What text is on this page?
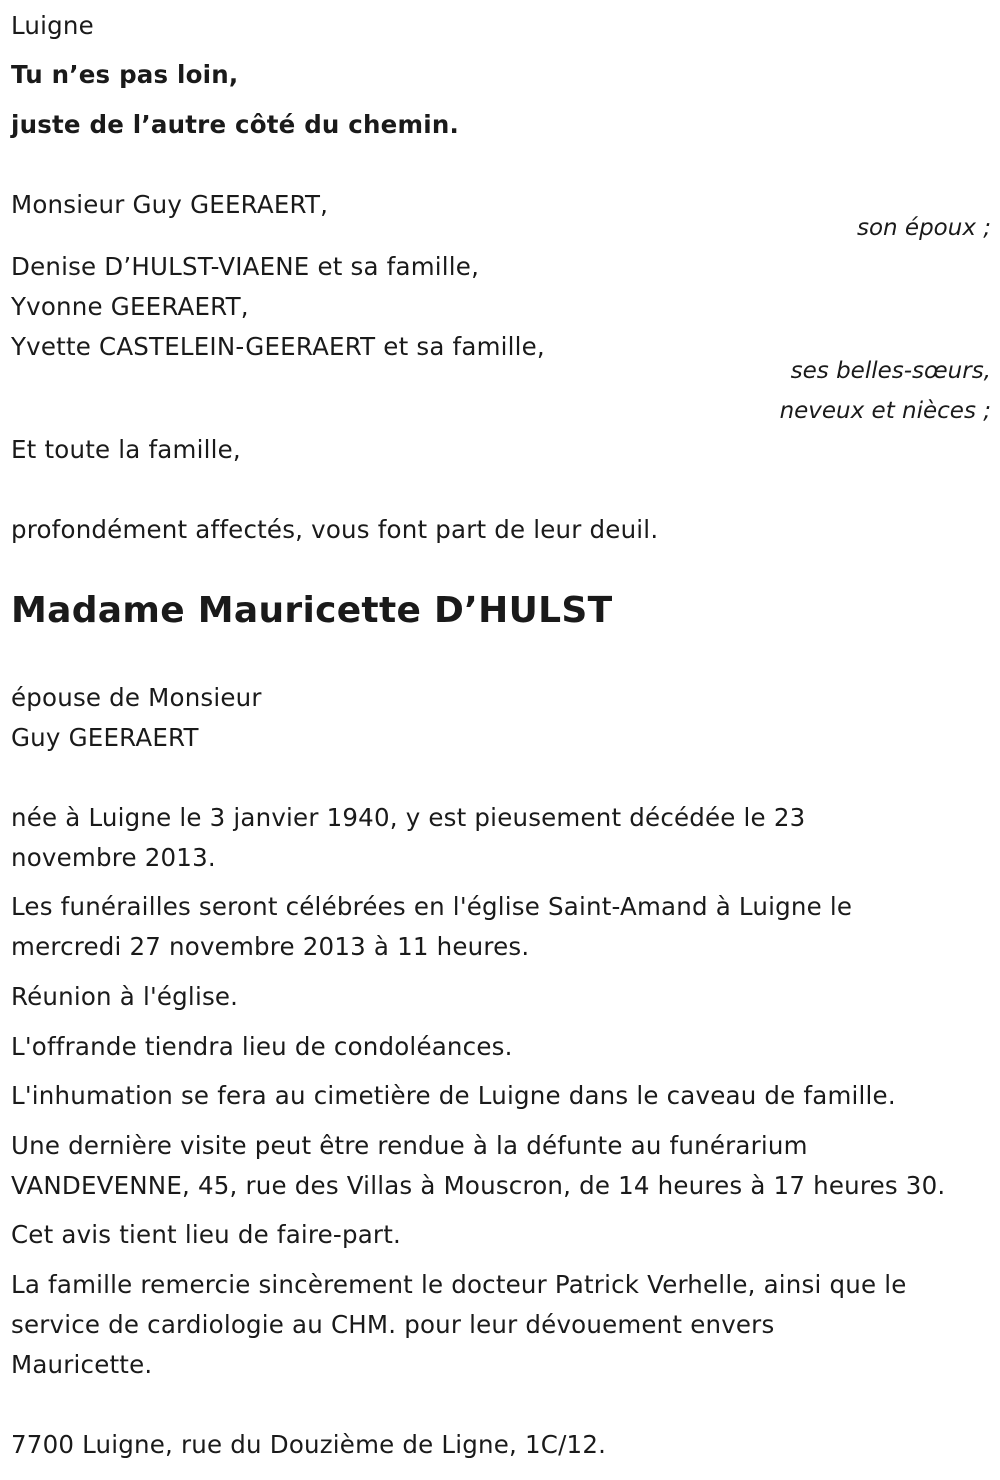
Luigne
Tu n’es pas loin,
juste de l’autre côté du chemin.
Monsieur Guy GEERAERT,
son époux ;
Denise D’HULST-VIAENE et sa famille,
Yvonne GEERAERT,
Yvette CASTELEIN-GEERAERT et sa famille,
ses belles-sœurs,
neveux et nièces ;
Et toute la famille,
profondément affectés, vous font part de leur deuil.
Madame Mauricette D’HULST
épouse de Monsieur
Guy GEERAERT
née à Luigne le 3 janvier 1940, y est pieusement décédée le 23
novembre 2013.
Les funérailles seront célébrées en l'église Saint-Amand à Luigne le
mercredi 27 novembre 2013 à 11 heures.
Réunion à l'église.
L'offrande tiendra lieu de condoléances.
L'inhumation se fera au cimetière de Luigne dans le caveau de famille.
Une dernière visite peut être rendue à la défunte au funérarium
VANDEVENNE, 45, rue des Villas à Mouscron, de 14 heures à 17 heures 30.
Cet avis tient lieu de faire-part.
La famille remercie sincèrement le docteur Patrick Verhelle, ainsi que le
service de cardiologie au CHM. pour leur dévouement envers
Mauricette.
7700 Luigne, rue du Douzième de Ligne, 1C/12.
